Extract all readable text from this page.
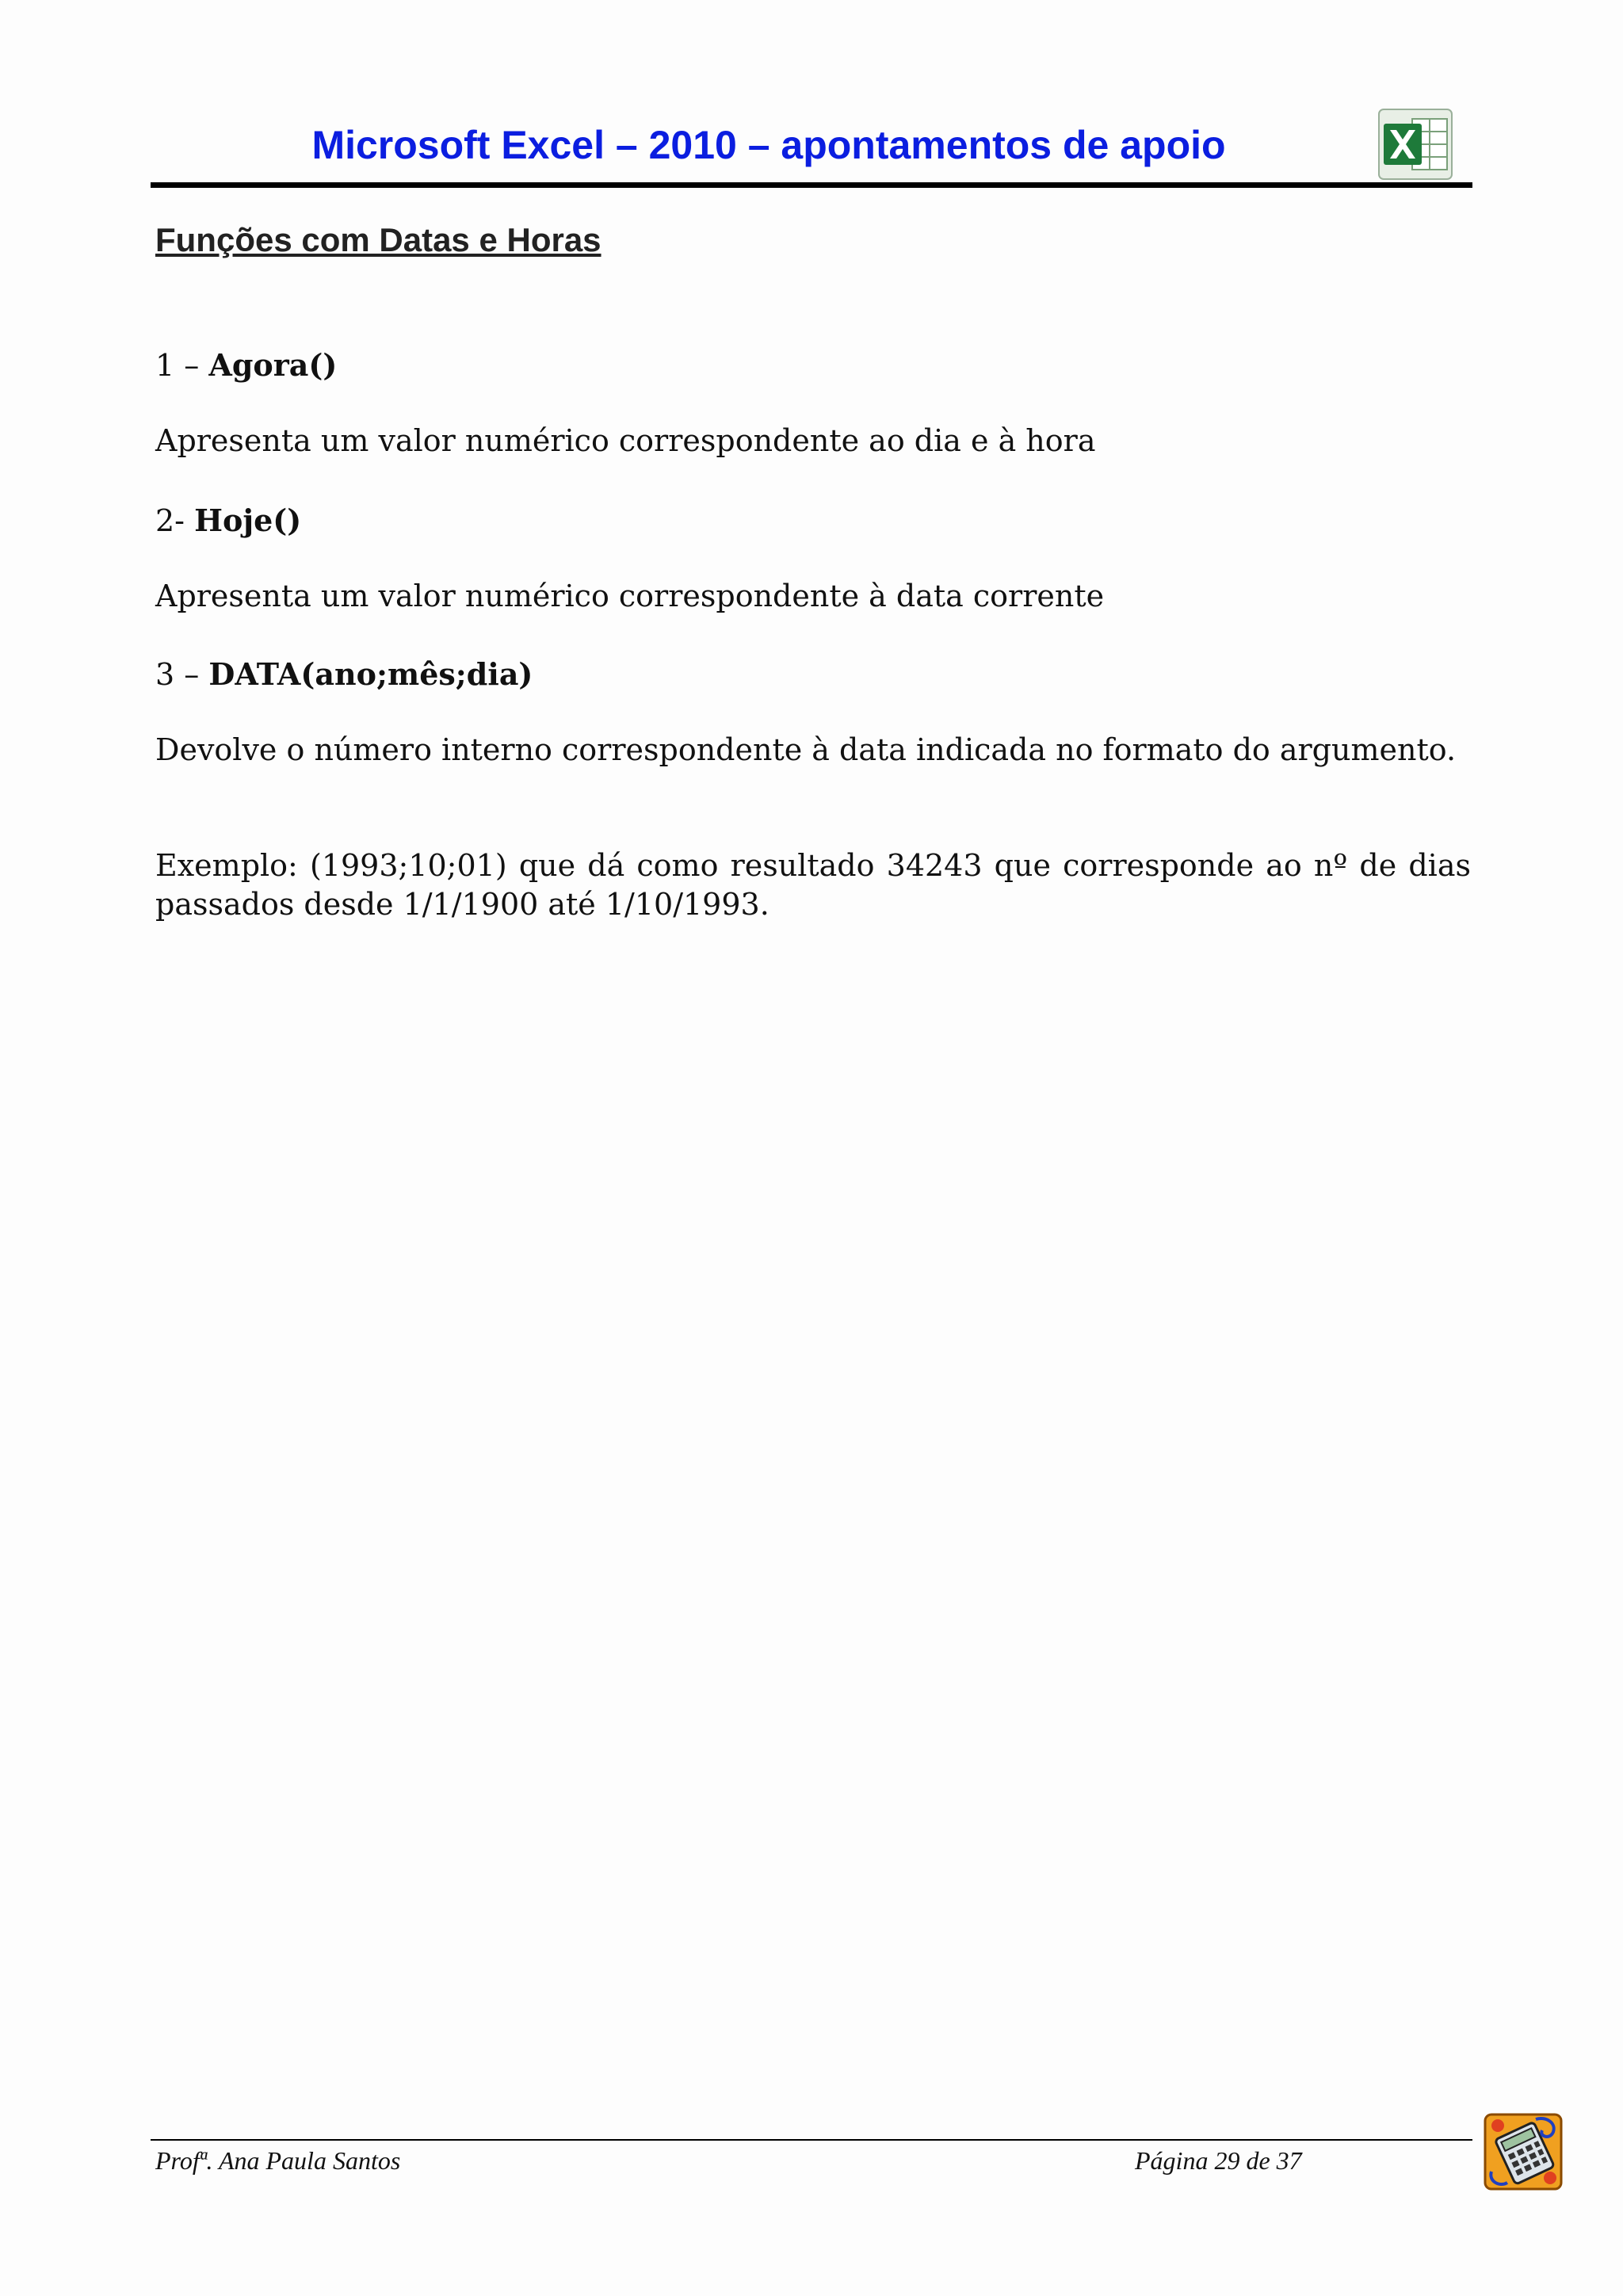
Microsoft Excel – 2010 – apontamentos de apoio
Funções com Datas e Horas
1 – Agora()
Apresenta um valor numérico correspondente ao dia e à hora
2- Hoje()
Apresenta um valor numérico correspondente à data corrente
3 – DATA(ano;mês;dia)
Devolve o número interno correspondente à data indicada no formato do argumento.
Exemplo: (1993;10;01) que dá como resultado 34243 que corresponde ao nº de dias passados desde 1/1/1900 até 1/10/1993.
Profª. Ana Paula Santos	Página 29 de 37
